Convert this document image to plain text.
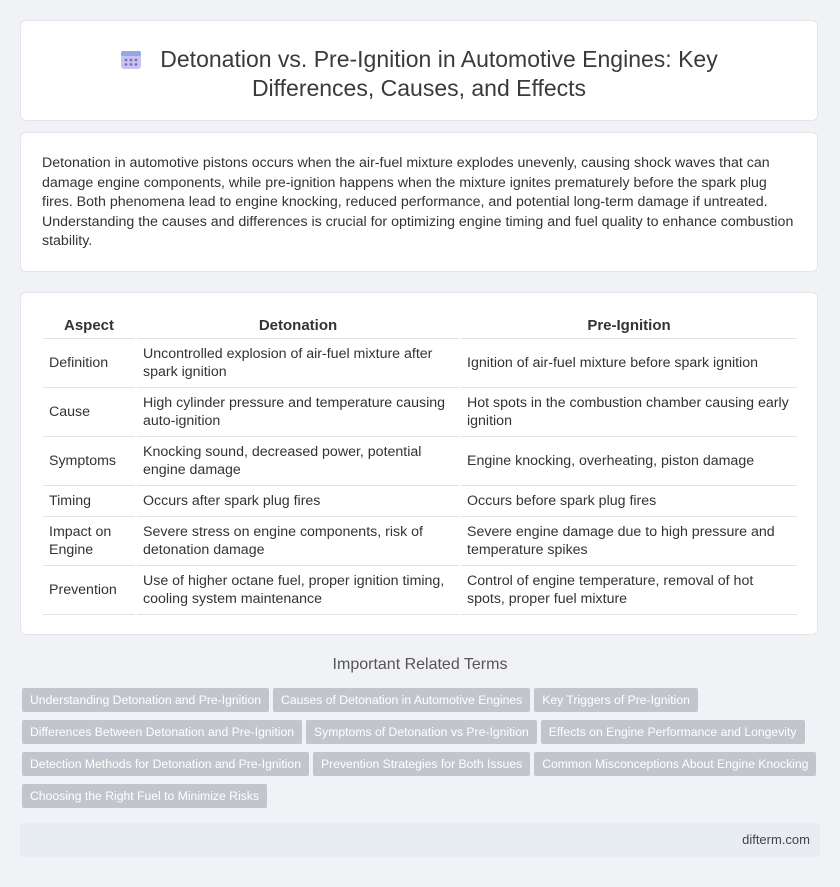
Detonation vs. Pre-Ignition in Automotive Engines: Key
Differences, Causes, and Effects

Detonation in automotive pistons occurs when the air-fuel mixture explodes unevenly, causing shock waves that can damage engine components, while pre-ignition happens when the mixture ignites prematurely before the spark plug fires. Both phenomena lead to engine knocking, reduced performance, and potential long-term damage if untreated. Understanding the causes and differences is crucial for optimizing engine timing and fuel quality to enhance combustion stability.

Aspect	Detonation	Pre-Ignition
Definition	Uncontrolled explosion of air-fuel mixture after spark ignition	Ignition of air-fuel mixture before spark ignition
Cause	High cylinder pressure and temperature causing auto-ignition	Hot spots in the combustion chamber causing early ignition
Symptoms	Knocking sound, decreased power, potential engine damage	Engine knocking, overheating, piston damage
Timing	Occurs after spark plug fires	Occurs before spark plug fires
Impact on Engine	Severe stress on engine components, risk of detonation damage	Severe engine damage due to high pressure and temperature spikes
Prevention	Use of higher octane fuel, proper ignition timing, cooling system maintenance	Control of engine temperature, removal of hot spots, proper fuel mixture
Important Related Terms
Understanding Detonation and Pre-Ignition Causes of Detonation in Automotive Engines Key Triggers of Pre-Ignition
Differences Between Detonation and Pre-Ignition Symptoms of Detonation vs Pre-Ignition Effects on Engine Performance and Longevity
Detection Methods for Detonation and Pre-Ignition Prevention Strategies for Both Issues Common Misconceptions About Engine Knocking
Choosing the Right Fuel to Minimize Risks
difterm.com
